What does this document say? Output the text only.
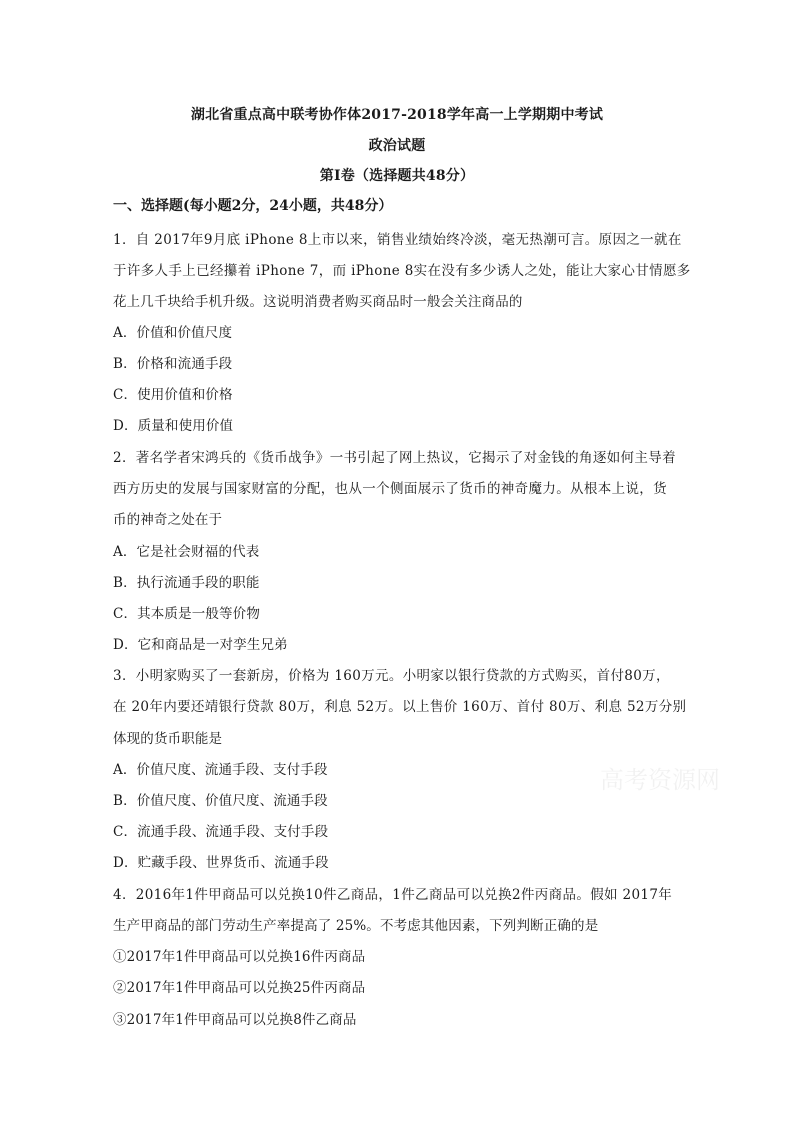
湖北省重点高中联考协作体2017-2018学年高一上学期期中考试
政治试题
第Ⅰ卷（选择题共48分）
一、选择题(每小题2分，24小题，共48分）
1．自 2017年9月底 iPhone 8上市以来，销售业绩始终冷淡，毫无热潮可言。原因之一就在
于许多人手上已经攥着 iPhone 7，而 iPhone 8实在没有多少诱人之处，能让大家心甘情愿多
花上几千块给手机升级。这说明消费者购买商品时一般会关注商品的
A．价值和价值尺度
B．价格和流通手段
C．使用价值和价格
D．质量和使用价值
2．著名学者宋鸿兵的《货币战争》一书引起了网上热议，它揭示了对金钱的角逐如何主导着
西方历史的发展与国家财富的分配，也从一个侧面展示了货币的神奇魔力。从根本上说，货
币的神奇之处在于
A．它是社会财福的代表
B．执行流通手段的职能
C．其本质是一般等价物
D．它和商品是一对孪生兄弟
3．小明家购买了一套新房，价格为 160万元。小明家以银行贷款的方式购买，首付80万，
在 20年内要还靖银行贷款 80万，利息 52万。以上售价 160万、首付 80万、利息 52万分别
体现的货币职能是
A．价值尺度、流通手段、支付手段
B．价值尺度、价值尺度、流通手段
C．流通手段、流通手段、支付手段
D．贮藏手段、世界货币、流通手段
4．2016年1件甲商品可以兑换10件乙商品，1件乙商品可以兑换2件丙商品。假如 2017年
生产甲商品的部门劳动生产率提高了 25%。不考虑其他因素，下列判断正确的是
①2017年1件甲商品可以兑换16件丙商品
②2017年1件甲商品可以兑换25件丙商品
③2017年1件甲商品可以兑换8件乙商品
高考资源网
